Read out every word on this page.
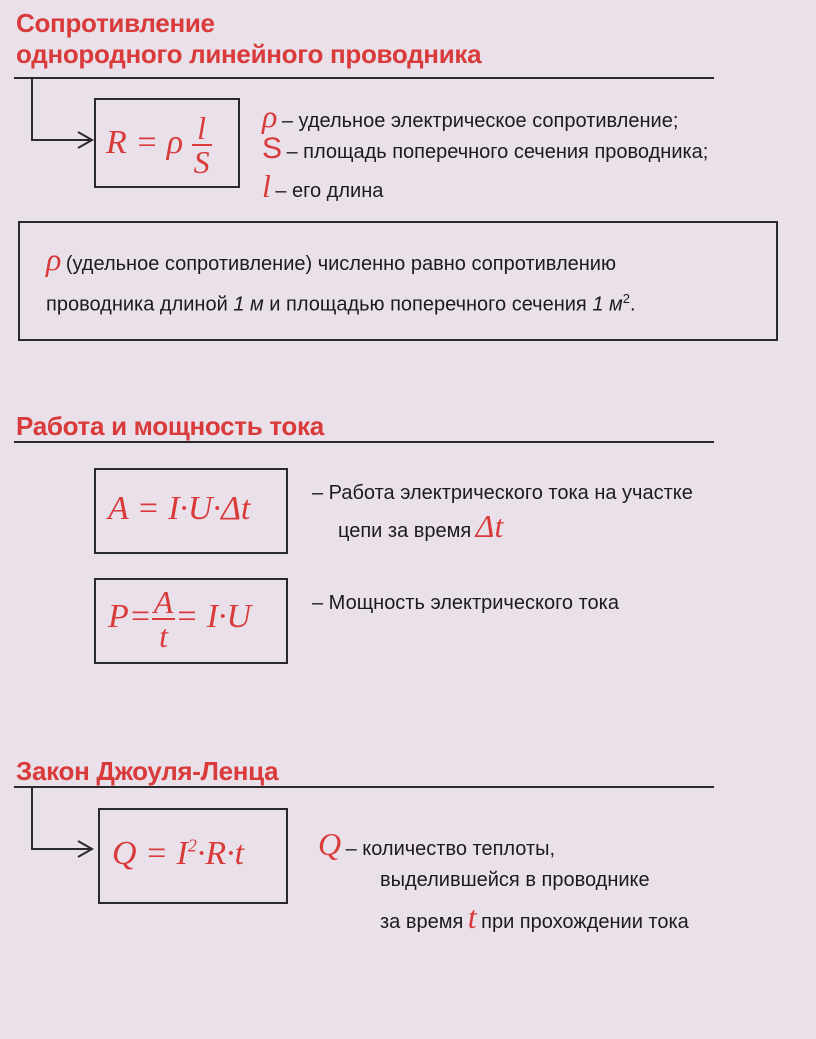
Сопротивление
однородного линейного проводника
R = ρ $\frac{l}{S}$ ρ – удельное электрическое сопротивление;
S – площадь поперечного сечения проводника;
l – его длина
ρ (удельное сопротивление) численно равно сопротивлению
проводника длиной 1 м и площадью поперечного сечения 1 $м^2$.
Работа и мощность тока
A = I·U·Δt	– Работа электрического тока на участке
цепи за время Δt
$P= \frac{A}{t} = I\cdot U$	– Мощность электрического тока
Закон Джоуля-Ленца
$Q = I^2\cdot R\cdot t$ Q – количество теплоты,
выделившейся в проводнике
за время t при прохождении тока
